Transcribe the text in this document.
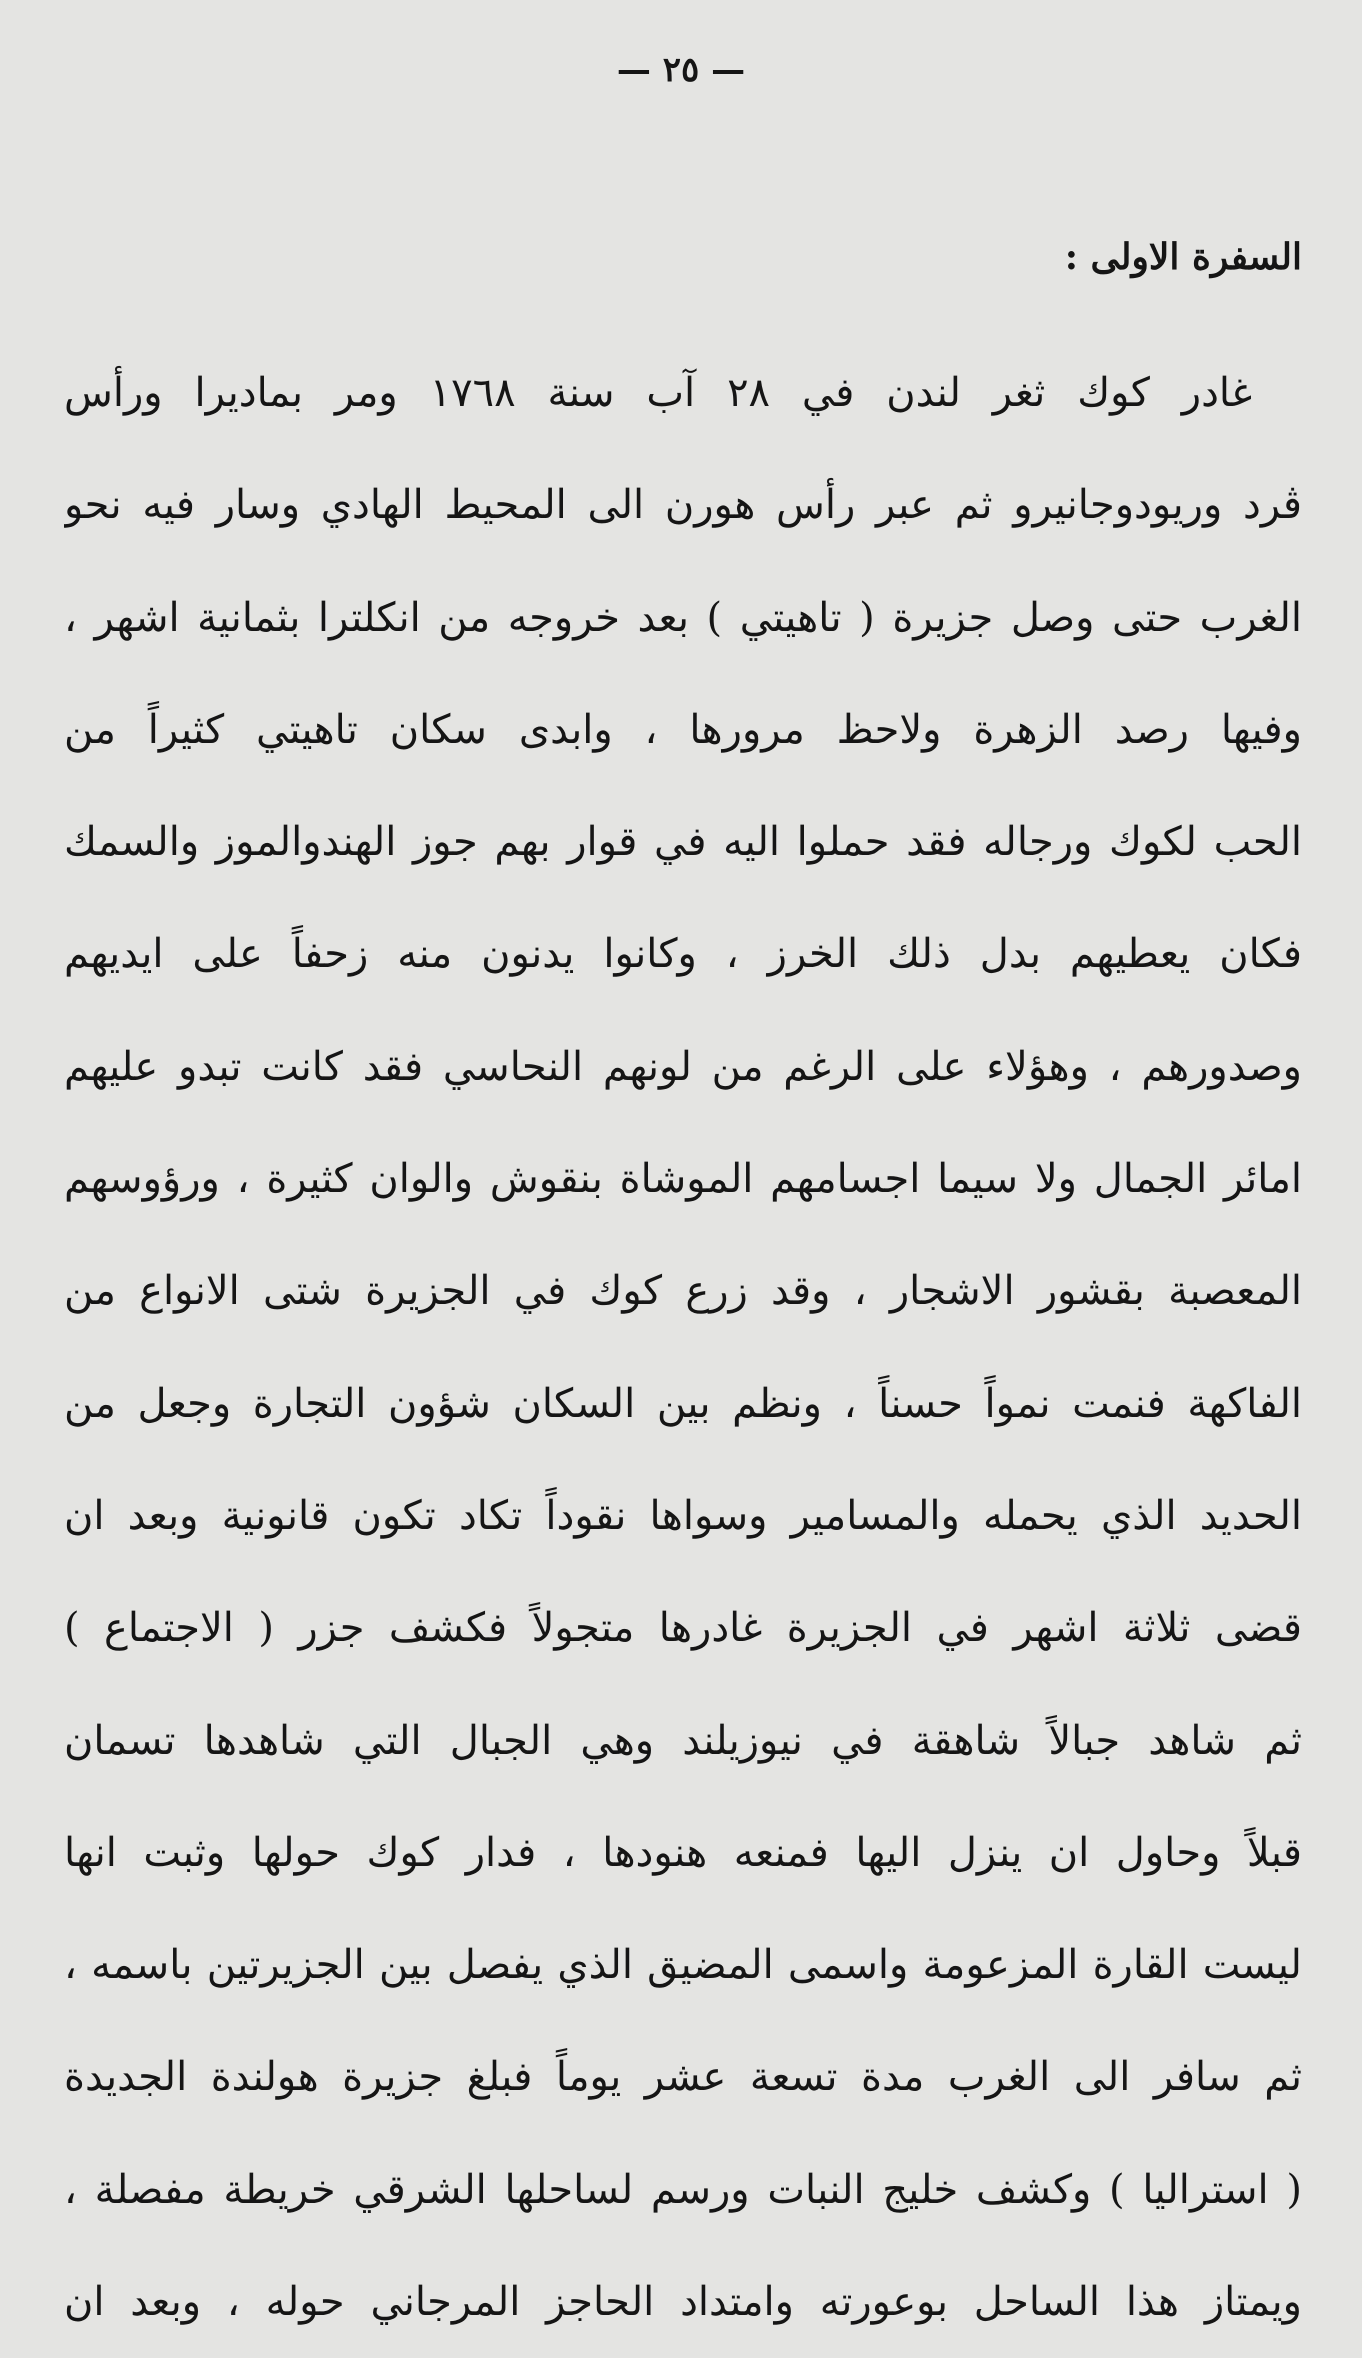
— ٢٥ —
السفرة الاولى :
غادر كوك ثغر لندن في ٢٨ آب سنة ١٧٦٨ ومر بماديرا ورأس
ڤرد وريودوجانيرو ثم عبر رأس هورن الى المحيط الهادي وسار فيه نحو
الغرب حتى وصل جزيرة ( تاهيتي ) بعد خروجه من انكلترا بثمانية اشهر ،
وفيها رصد الزهرة ولاحظ مرورها ، وابدى سكان تاهيتي كثيراً من
الحب لكوك ورجاله فقد حملوا اليه في قوار بهم جوز الهندوالموز والسمك
فكان يعطيهم بدل ذلك الخرز ، وكانوا يدنون منه زحفاً على ايديهم
وصدورهم ، وهؤلاء على الرغم من لونهم النحاسي فقد كانت تبدو عليهم
امائر الجمال ولا سيما اجسامهم الموشاة بنقوش والوان كثيرة ، ورؤوسهم
المعصبة بقشور الاشجار ، وقد زرع كوك في الجزيرة شتى الانواع من
الفاكهة فنمت نمواً حسناً ، ونظم بين السكان شؤون التجارة وجعل من
الحديد الذي يحمله والمسامير وسواها نقوداً تكاد تكون قانونية وبعد ان
قضى ثلاثة اشهر في الجزيرة غادرها متجولاً فكشف جزر ( الاجتماع )
ثم شاهد جبالاً شاهقة في نيوزيلند وهي الجبال التي شاهدها تسمان
قبلاً وحاول ان ينزل اليها فمنعه هنودها ، فدار كوك حولها وثبت انها
ليست القارة المزعومة واسمى المضيق الذي يفصل بين الجزيرتين باسمه ،
ثم سافر الى الغرب مدة تسعة عشر يوماً فبلغ جزيرة هولندة الجديدة
( استراليا ) وكشف خليج النبات ورسم لساحلها الشرقي خريطة مفصلة ،
ويمتاز هذا الساحل بوعورته وامتداد الحاجز المرجاني حوله ، وبعد ان
